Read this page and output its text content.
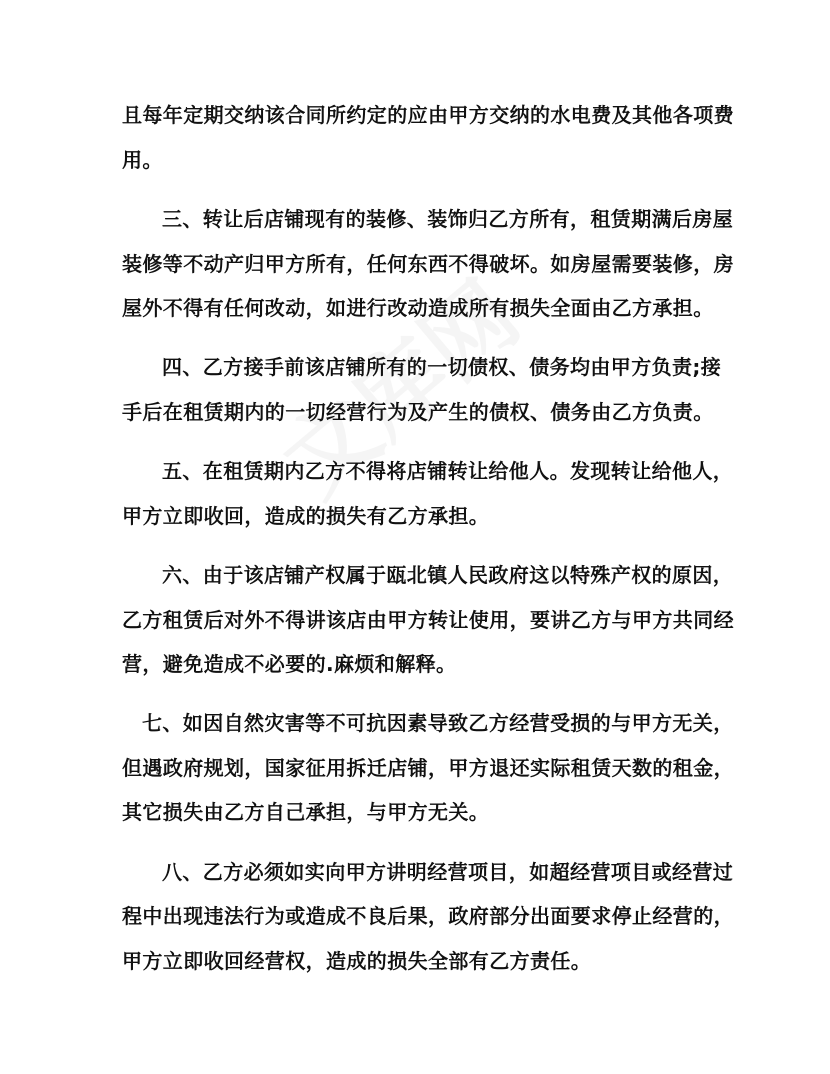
且每年定期交纳该合同所约定的应由甲方交纳的水电费及其他各项费
用。
三、转让后店铺现有的装修、装饰归乙方所有，租赁期满后房屋
装修等不动产归甲方所有，任何东西不得破坏。如房屋需要装修，房
屋外不得有任何改动，如进行改动造成所有损失全面由乙方承担。
四、乙方接手前该店铺所有的一切债权、债务均由甲方负责;接
手后在租赁期内的一切经营行为及产生的债权、债务由乙方负责。
五、在租赁期内乙方不得将店铺转让给他人。发现转让给他人，
甲方立即收回，造成的损失有乙方承担。
六、由于该店铺产权属于瓯北镇人民政府这以特殊产权的原因，
乙方租赁后对外不得讲该店由甲方转让使用，要讲乙方与甲方共同经
营，避免造成不必要的.麻烦和解释。
七、如因自然灾害等不可抗因素导致乙方经营受损的与甲方无关，
但遇政府规划，国家征用拆迁店铺，甲方退还实际租赁天数的租金，
其它损失由乙方自己承担，与甲方无关。
八、乙方必须如实向甲方讲明经营项目，如超经营项目或经营过
程中出现违法行为或造成不良后果，政府部分出面要求停止经营的，
甲方立即收回经营权，造成的损失全部有乙方责任。
